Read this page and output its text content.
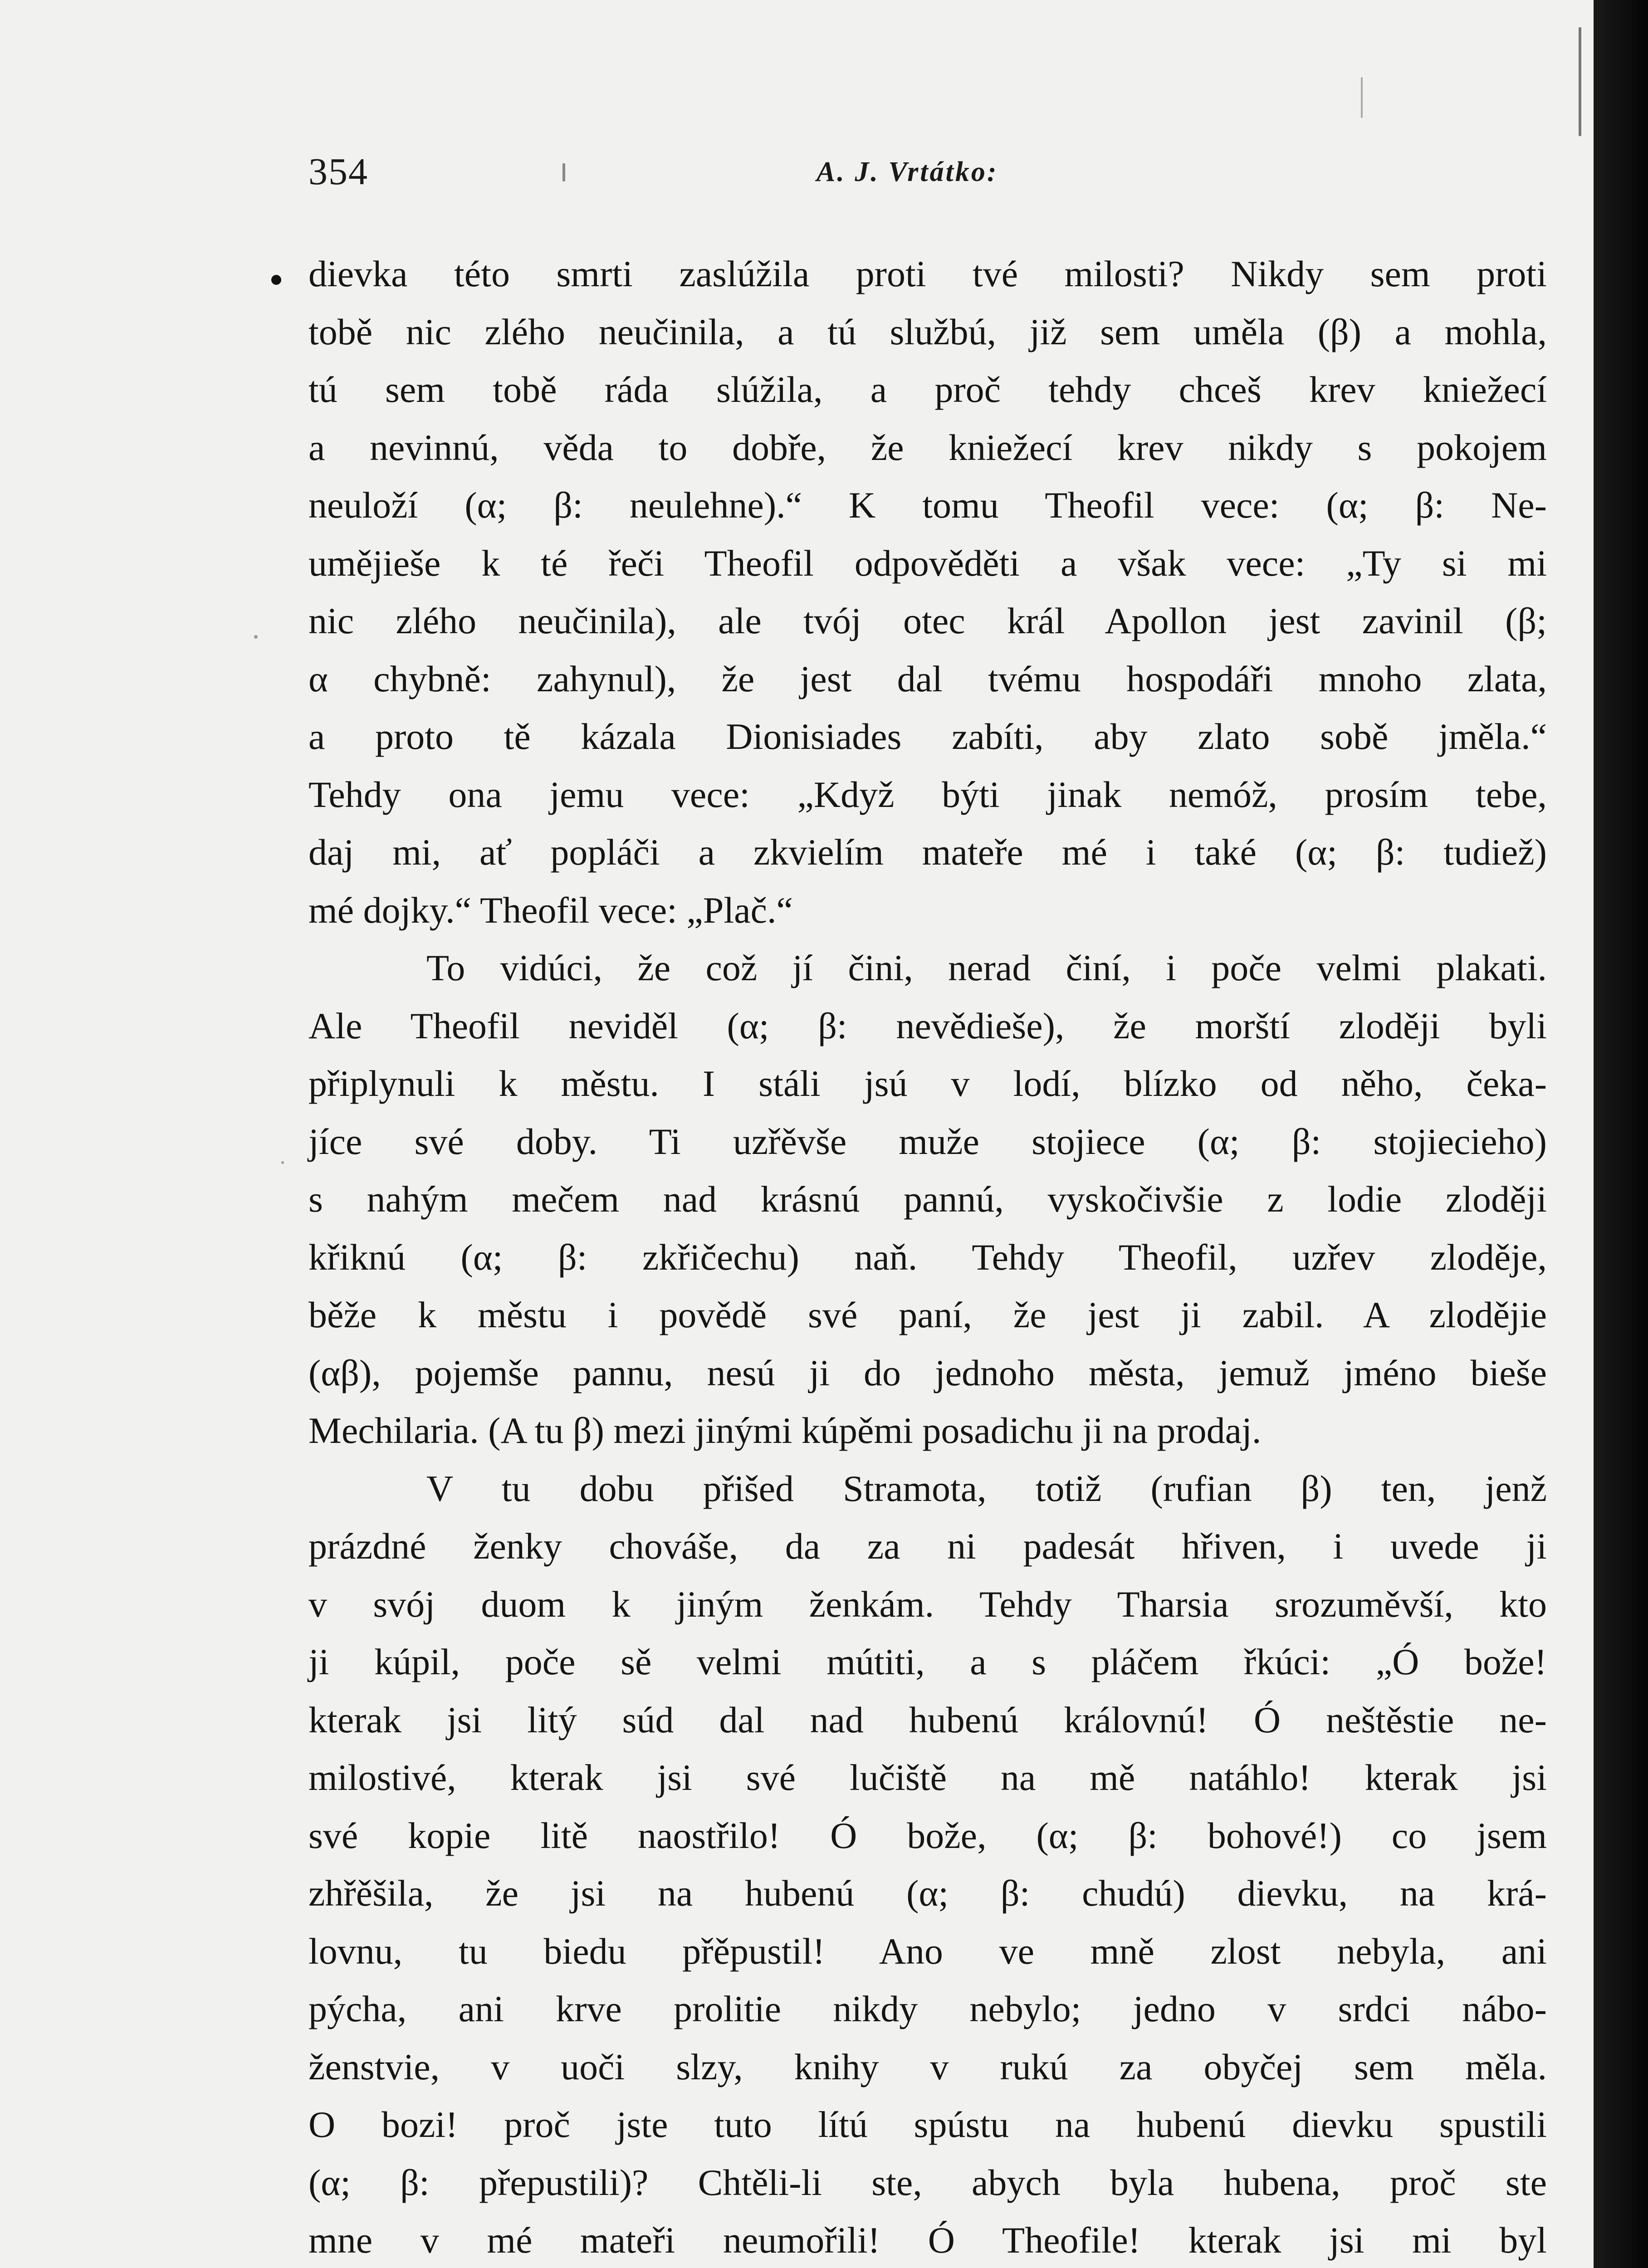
354	A. J. Vrtátko:
dievka této smrti zaslúžila proti tvé milosti? Nikdy sem proti
tobě nic zlého neučinila, a tú službú, již sem uměla (β) a mohla,
tú sem tobě ráda slúžila, a proč tehdy chceš krev kniežecí
a nevinnú, věda to dobře, že kniežecí krev nikdy s pokojem
neuloží (α; β: neulehne).“ K tomu Theofil vece: (α; β: Ne-
umějieše k té řeči Theofil odpověděti a však vece: „Ty si mi
nic zlého neučinila), ale tvój otec král Apollon jest zavinil (β;
α chybně: zahynul), že jest dal tvému hospodáři mnoho zlata,
a proto tě kázala Dionisiades zabíti, aby zlato sobě jměla.“
Tehdy ona jemu vece: „Když býti jinak nemóž, prosím tebe,
daj mi, ať popláči a zkvielím mateře mé i také (α; β: tudiež)
mé dojky.“ Theofil vece: „Plač.“
To vidúci, že což jí čini, nerad činí, i poče velmi plakati.
Ale Theofil neviděl (α; β: nevědieše), že morští zloději byli
připlynuli k městu. I stáli jsú v lodí, blízko od něho, čeka-
jíce své doby. Ti uzřěvše muže stojiece (α; β: stojiecieho)
s nahým mečem nad krásnú pannú, vyskočivšie z lodie zloději
křiknú (α; β: zkřičechu) naň. Tehdy Theofil, uzřev zloděje,
běže k městu i povědě své paní, že jest ji zabil. A zlodějie
(αβ), pojemše pannu, nesú ji do jednoho města, jemuž jméno bieše
Mechilaria. (A tu β) mezi jinými kúpěmi posadichu ji na prodaj.
V tu dobu přišed Stramota, totiž (rufian β) ten, jenž
prázdné ženky chováše, da za ni padesát hřiven, i uvede ji
v svój duom k jiným ženkám. Tehdy Tharsia srozuměvší, kto
ji kúpil, poče sě velmi mútiti, a s pláčem řkúci: „Ó bože!
kterak jsi litý súd dal nad hubenú královnú! Ó neštěstie ne-
milostivé, kterak jsi své lučiště na mě natáhlo! kterak jsi
své kopie litě naostřilo! Ó bože, (α; β: bohové!) co jsem
zhřěšila, že jsi na hubenú (α; β: chudú) dievku, na krá-
lovnu, tu biedu přěpustil! Ano ve mně zlost nebyla, ani
pýcha, ani krve prolitie nikdy nebylo; jedno v srdci nábo-
ženstvie, v uoči slzy, knihy v rukú za obyčej sem měla.
O bozi! proč jste tuto lítú spústu na hubenú dievku spustili
(α; β: přepustili)? Chtěli-li ste, abych byla hubena, proč ste
mne v mé mateři neumořili! Ó Theofile! kterak jsi mi byl
